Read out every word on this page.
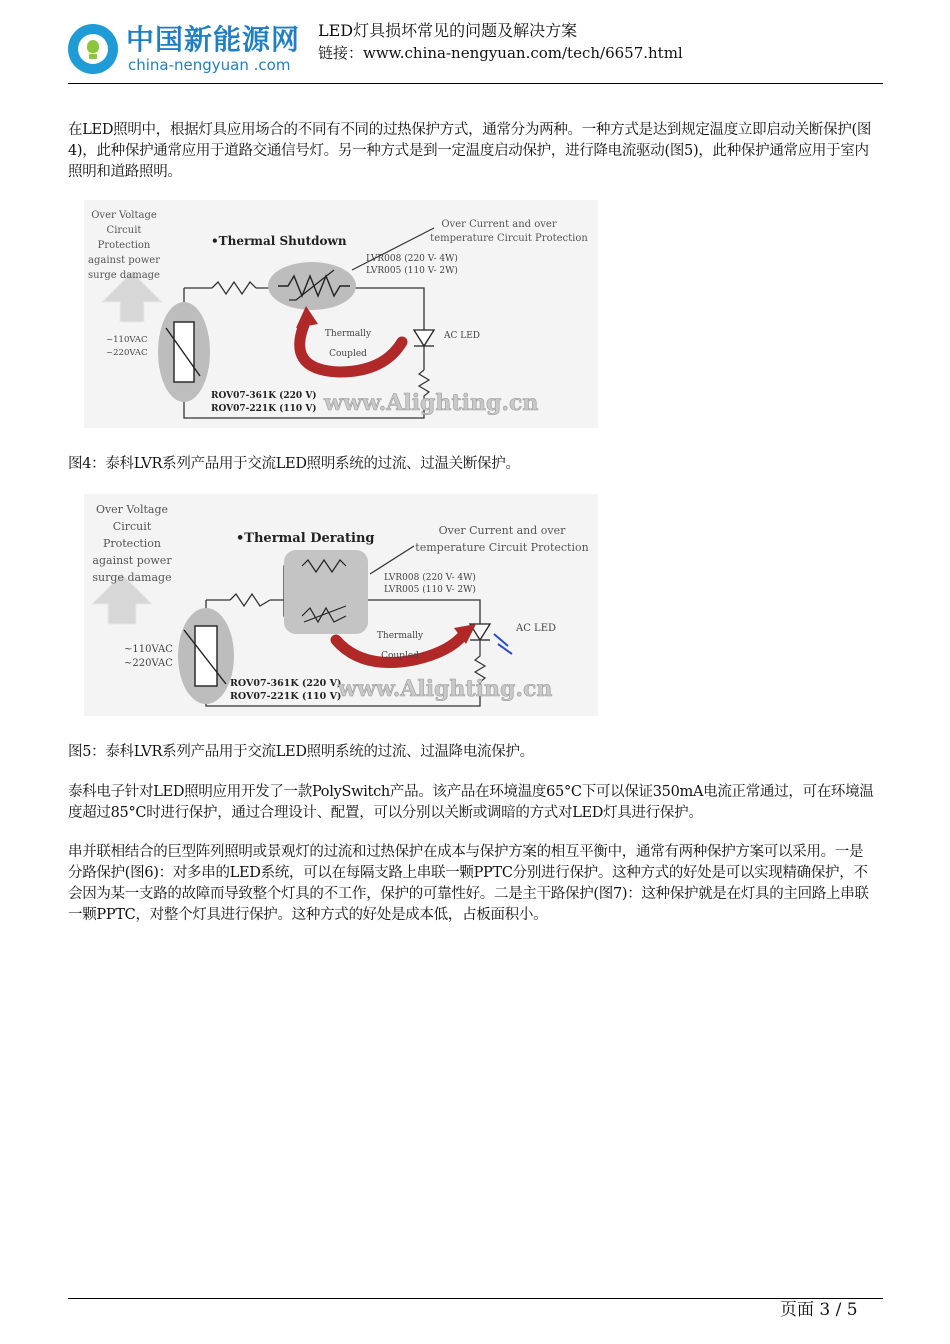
中国新能源网
china-nengyuan .com
LED灯具损坏常见的问题及解决方案
链接：www.china-nengyuan.com/tech/6657.html
在LED照明中，根据灯具应用场合的不同有不同的过热保护方式，通常分为两种。一种方式是达到规定温度立即启动关断保护(图4)，此种保护通常应用于道路交通信号灯。另一种方式是到一定温度启动保护，进行降电流驱动(图5)，此种保护通常应用于室内照明和道路照明。
Over Voltage
Circuit
Protection
against power
surge damage
•Thermal Shutdown
Over Current and over
temperature Circuit Protection
LVR008 (220 V- 4W)
LVR005 (110 V- 2W)
Thermally
Coupled
AC LED
~110VAC
~220VAC
ROV07-361K (220 V)
ROV07-221K (110 V) www.Alighting.cn
图4：泰科LVR系列产品用于交流LED照明系统的过流、过温关断保护。
Over Voltage
Circuit
Protection
against power
surge damage
•Thermal Derating
Over Current and over
temperature Circuit Protection
LVR008 (220 V- 4W)
LVR005 (110 V- 2W)
Thermally
Coupled
AC LED
~110VAC
~220VAC
ROV07-361K (220 V)
ROV07-221K (110 V)
www.Alighting.cn
图5：泰科LVR系列产品用于交流LED照明系统的过流、过温降电流保护。
泰科电子针对LED照明应用开发了一款PolySwitch产品。该产品在环境温度65°C下可以保证350mA电流正常通过，可在环境温度超过85°C时进行保护，通过合理设计、配置，可以分别以关断或调暗的方式对LED灯具进行保护。
串并联相结合的巨型阵列照明或景观灯的过流和过热保护在成本与保护方案的相互平衡中，通常有两种保护方案可以采用。一是分路保护(图6)：对多串的LED系统，可以在每隔支路上串联一颗PPTC分别进行保护。这种方式的好处是可以实现精确保护，不会因为某一支路的故障而导致整个灯具的不工作，保护的可靠性好。二是主干路保护(图7)：这种保护就是在灯具的主回路上串联一颗PPTC，对整个灯具进行保护。这种方式的好处是成本低，占板面积小。
页面 3 / 5
